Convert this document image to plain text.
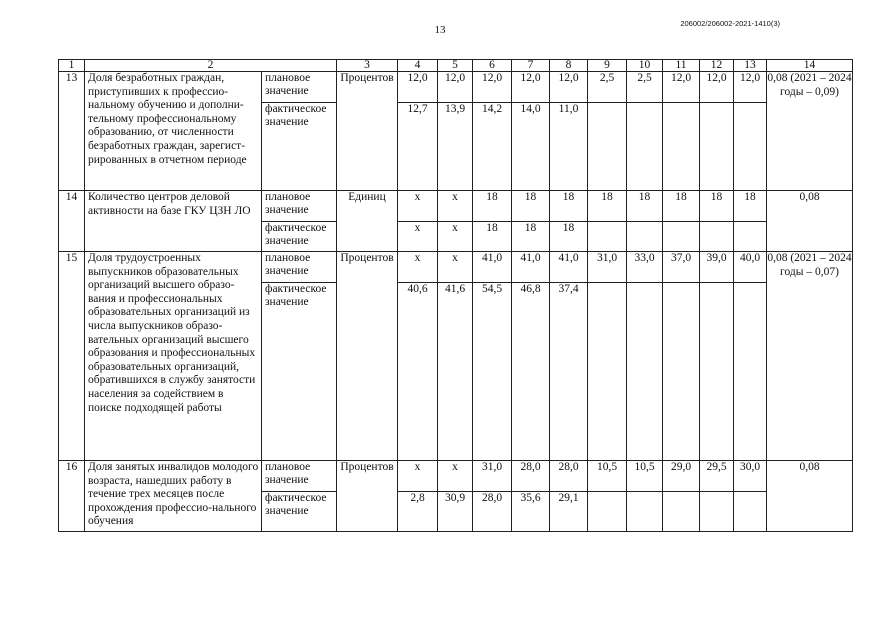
13
206002/206002-2021-1410(3)
1	2		3	4	5	6	7	8	9	10	11	12	13	14
13	Доля безработных граждан, приступивших к профессио-нальному обучению и дополни-тельному профессиональному образованию, от численности безработных граждан, зарегист-рированных в отчетном периоде	плановое значение	Процентов	12,0	12,0	12,0	12,0	12,0	2,5	2,5	12,0	12,0	12,0	0,08 (2021 – 2024 годы – 0,09)
		фактическое значение		12,7	13,9	14,2	14,0	11,0						
14	Количество центров деловой активности на базе ГКУ ЦЗН ЛО	плановое значение	Единиц	х	х	18	18	18	18	18	18	18	18	0,08
		фактическое значение		х	х	18	18	18						
15	Доля трудоустроенных выпускников образовательных организаций высшего образо-вания и профессиональных образовательных организаций из числа выпускников образо-вательных организаций высшего образования и профессиональных образовательных организаций, обратившихся в службу занятости населения за содействием в поиске подходящей работы	плановое значение	Процентов	х	х	41,0	41,0	41,0	31,0	33,0	37,0	39,0	40,0	0,08 (2021 – 2024 годы – 0,07)
		фактическое значение		40,6	41,6	54,5	46,8	37,4						
16	Доля занятых инвалидов молодого возраста, нашедших работу в течение трех месяцев после прохождения профессио-нального обучения	плановое значение	Процентов	х	х	31,0	28,0	28,0	10,5	10,5	29,0	29,5	30,0	0,08
		фактическое значение		2,8	30,9	28,0	35,6	29,1						
